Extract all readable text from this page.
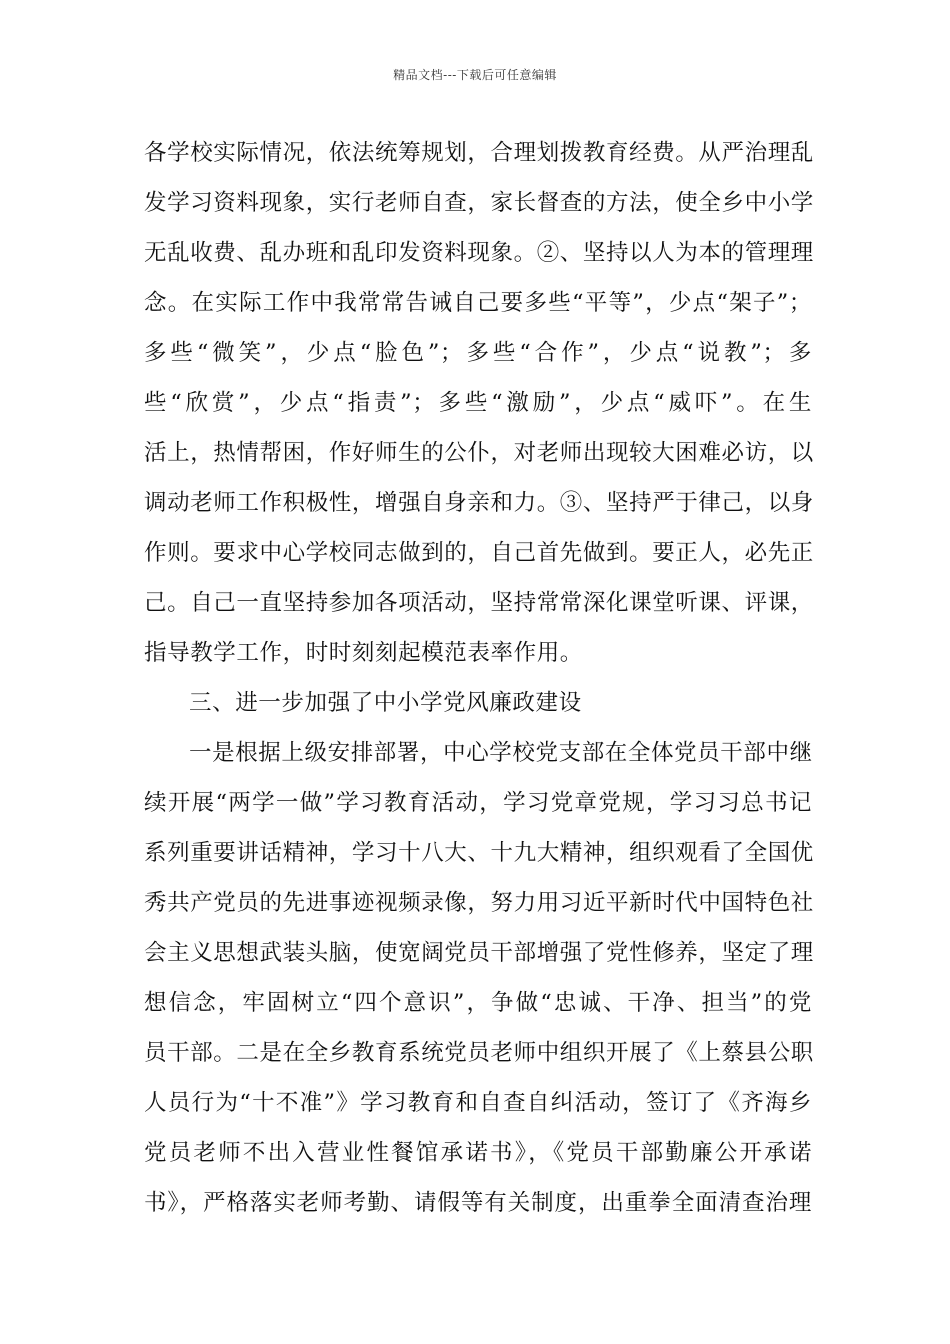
精品文档---下载后可任意编辑
各学校实际情况，依法统筹规划，合理划拨教育经费。从严治理乱
发学习资料现象，实行老师自查，家长督查的方法，使全乡中小学
无乱收费、乱办班和乱印发资料现象。②、坚持以人为本的管理理
念。在实际工作中我常常告诫自己要多些“平等”，少点“架子”；
多些“微笑”，少点“脸色”；多些“合作”，少点“说教”；多
些“欣赏”，少点“指责”；多些“激励”，少点“威吓”。在生
活上，热情帮困，作好师生的公仆，对老师出现较大困难必访，以
调动老师工作积极性，增强自身亲和力。③、坚持严于律己，以身
作则。要求中心学校同志做到的，自己首先做到。要正人，必先正
己。自己一直坚持参加各项活动，坚持常常深化课堂听课、评课，
指导教学工作，时时刻刻起模范表率作用。
三、进一步加强了中小学党风廉政建设
一是根据上级安排部署，中心学校党支部在全体党员干部中继
续开展“两学一做”学习教育活动，学习党章党规，学习习总书记
系列重要讲话精神，学习十八大、十九大精神，组织观看了全国优
秀共产党员的先进事迹视频录像，努力用习近平新时代中国特色社
会主义思想武装头脑，使宽阔党员干部增强了党性修养，坚定了理
想信念，牢固树立“四个意识”，争做“忠诚、干净、担当”的党
员干部。二是在全乡教育系统党员老师中组织开展了《上蔡县公职
人员行为“十不准”》学习教育和自查自纠活动，签订了《齐海乡
党员老师不出入营业性餐馆承诺书》，《党员干部勤廉公开承诺
书》，严格落实老师考勤、请假等有关制度，出重拳全面清查治理
